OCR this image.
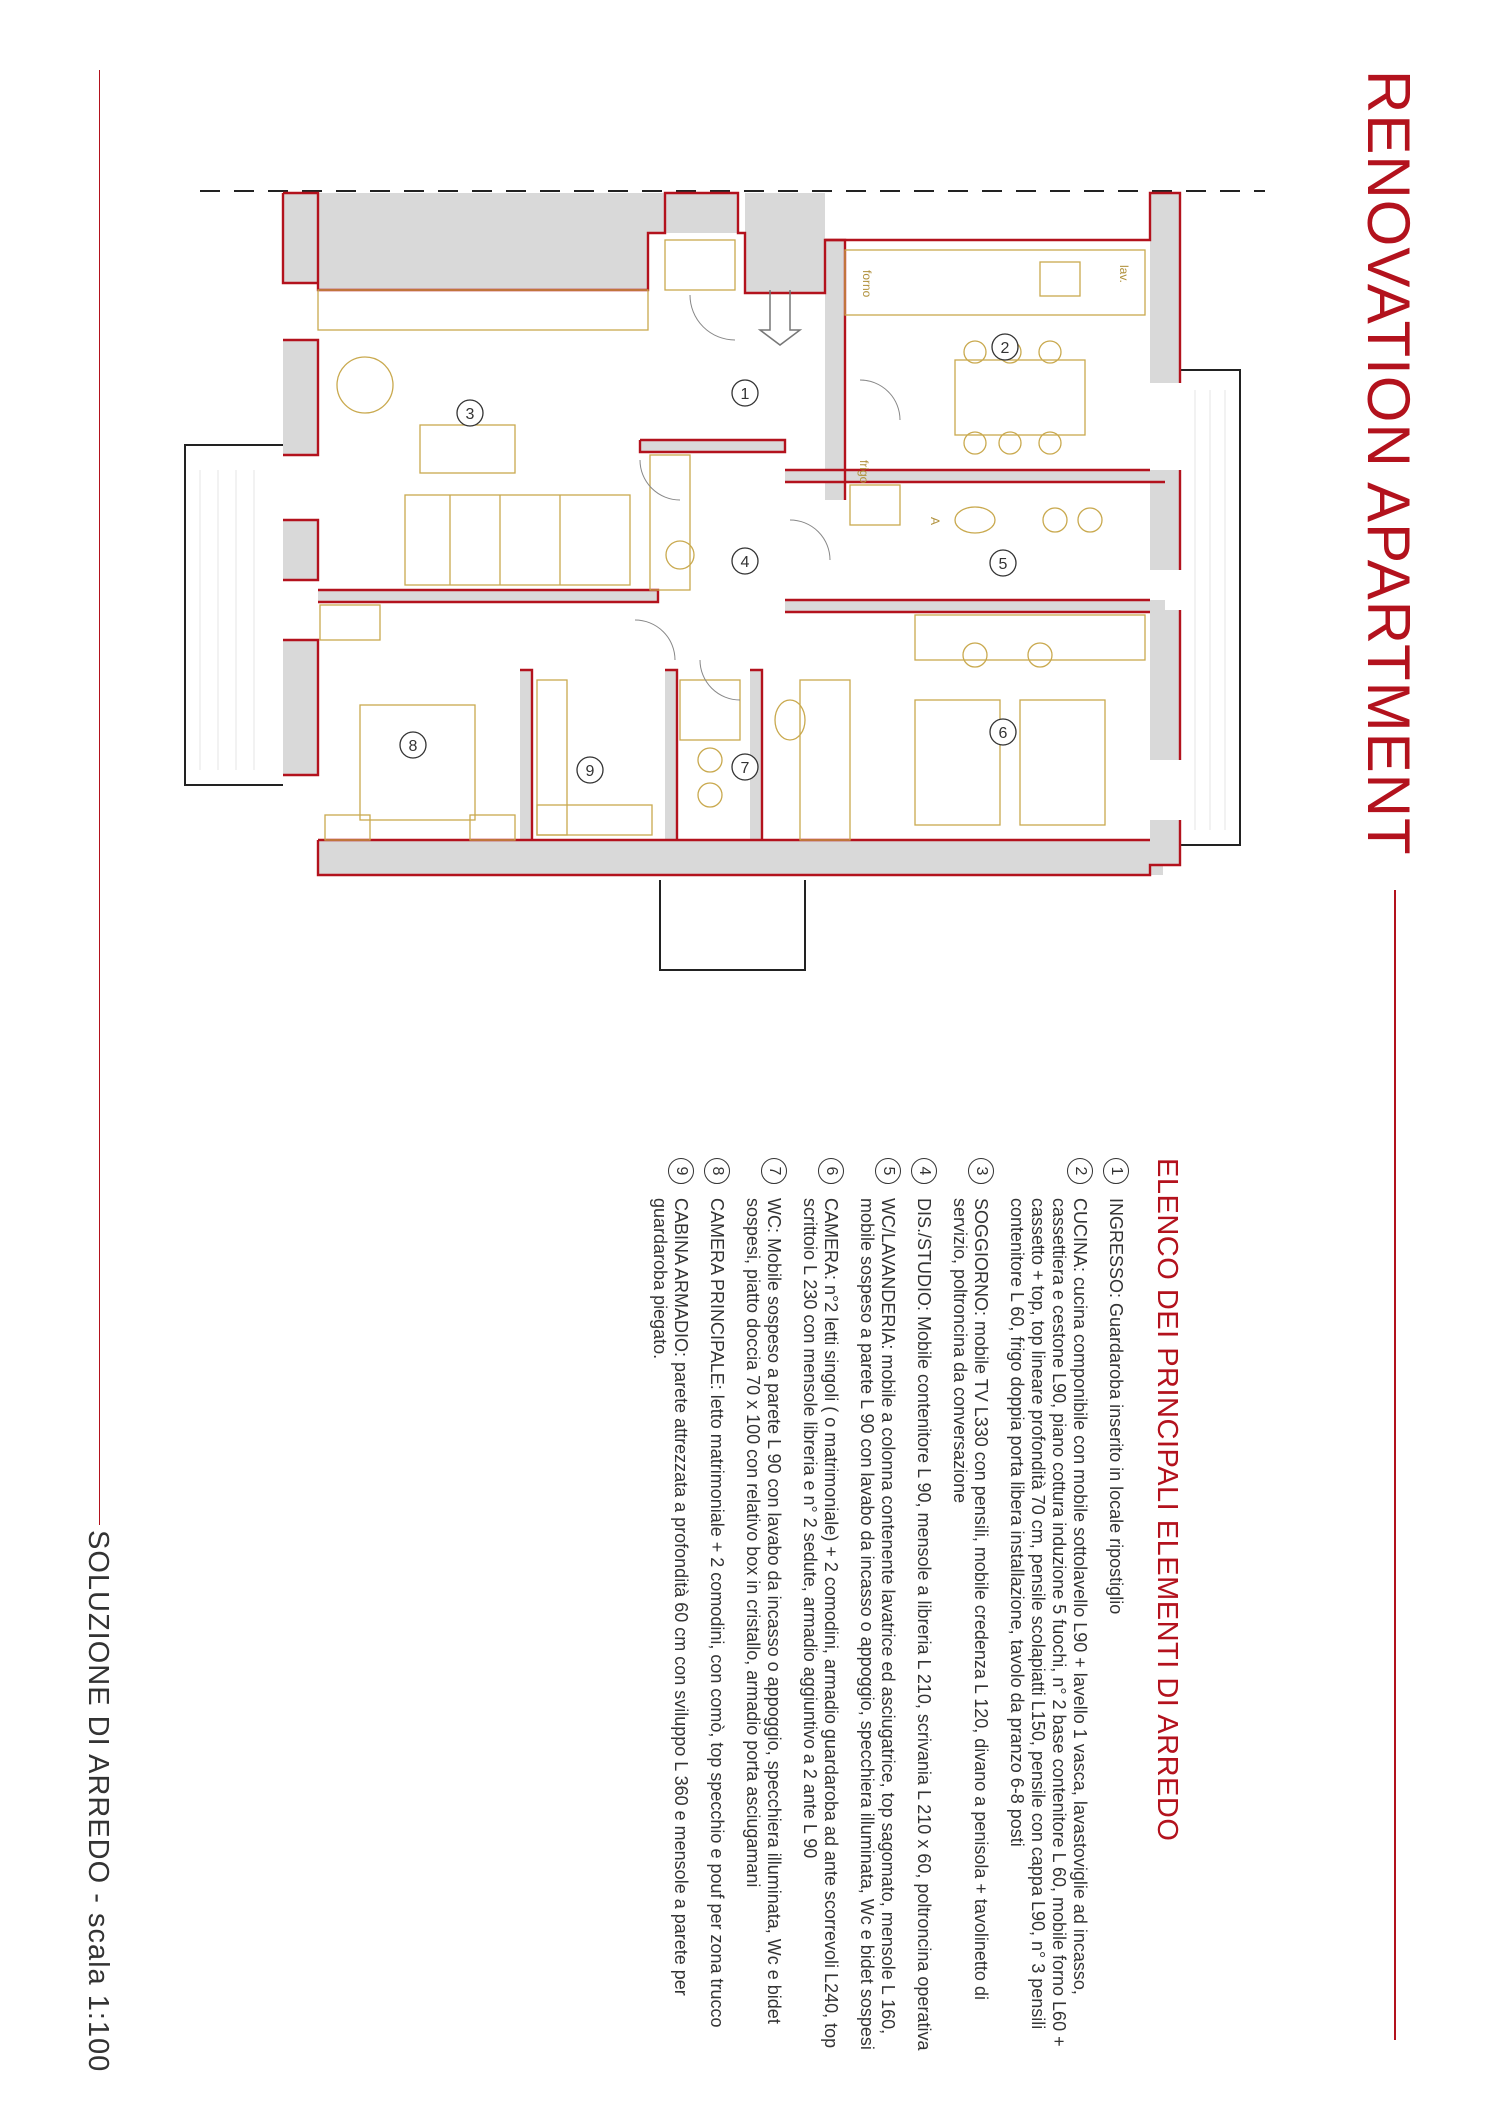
RENOVATION APARTMENT
SOLUZIONE DI ARREDO - scala 1:100	ELENCO DEI PRINCIPALI ELEMENTI DI ARREDO
1
INGRESSO: Guardaroba inserito in locale ripostiglio
2
CUCINA: cucina componibile con mobile sottolavello L90 + lavello 1 vasca, lavastoviglie ad incasso, cassettiera e cestone L90, piano cottura induzione 5 fuochi, n° 2 base contenitore L 60, mobile forno L60 + cassetto + top, top lineare profondità 70 cm, pensile scolapiatti L150, pensile con cappa L90, n° 3 pensili contenitore L 60, frigo doppia porta libera installazione, tavolo da pranzo 6-8 posti
3
SOGGIORNO: mobile TV L330 con pensili, mobile credenza L 120, divano a penisola + tavolinetto di servizio, poltroncina da conversazione
4
DIS./STUDIO: Mobile contenitore L 90, mensole a libreria L 210, scrivania L 210 x 60, poltroncina operativa
5
WC/LAVANDERIA: mobile a colonna contenente lavatrice ed asciugatrice, top sagomato, mensole L 160, mobile sospeso a parete L 90 con lavabo da incasso o appoggio, specchiera illuminata, Wc e bidet sospesi
6
CAMERA: n°2 letti singoli ( o matrimoniale) + 2 comodini, armadio guardaroba ad ante scorrevoli L240, top scrittoio L 230 con mensole libreria e n° 2 sedute, armadio aggiuntivo a 2 ante L 90
7
WC: Mobile sospeso a parete L 90 con lavabo da incasso o appoggio, specchiera illuminata, Wc e bidet sospesi, piatto doccia 70 x 100 con relativo box in cristallo, armadio porta asciugamani
8
CAMERA PRINCIPALE: letto matrimoniale + 2 comodini, con comò, top specchio e pouf per zona trucco
9
CABINA ARMADIO: parete attrezzata a profondità 60 cm con sviluppo L 360 e mensole a parete per guardaroba piegato.
1
2
3
4	5
6
7
8
9
forno	lav.
frigo
A
